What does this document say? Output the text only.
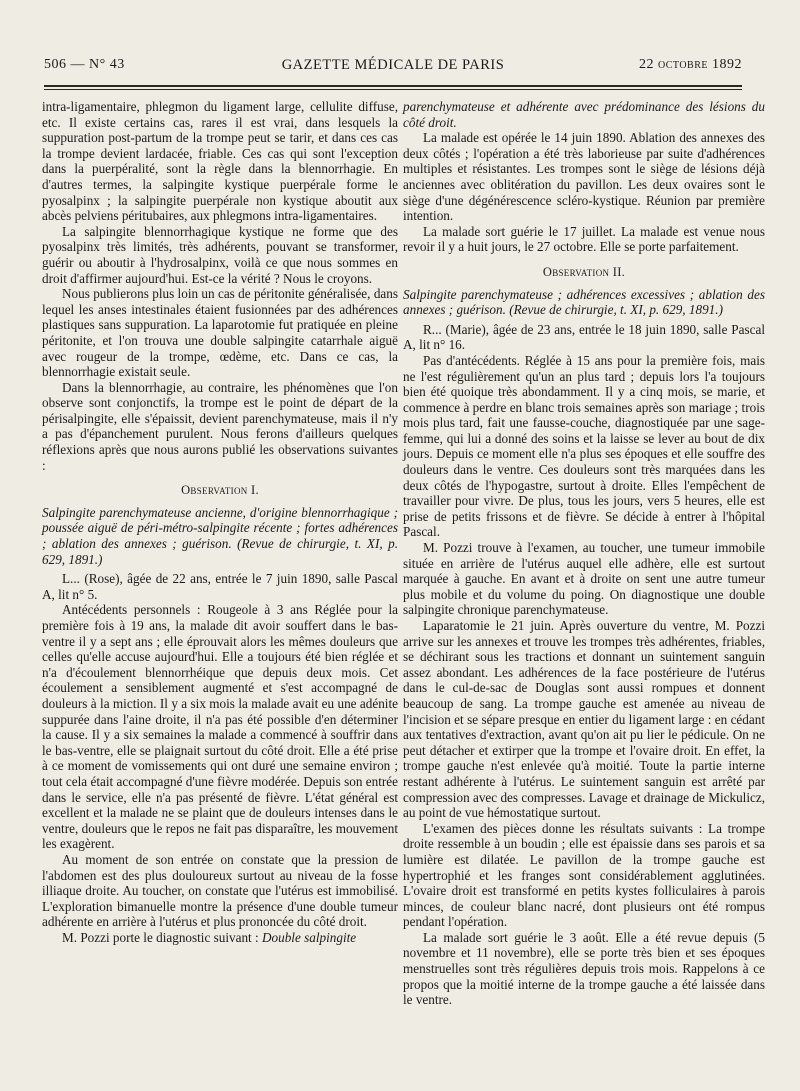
506 — N° 43	GAZETTE MÉDICALE DE PARIS	22 octobre 1892

intra-ligamentaire, phlegmon du ligament large, cellulite diffuse, etc. Il existe certains cas, rares il est vrai, dans lesquels la suppuration post-partum de la trompe peut se tarir, et dans ces cas la trompe devient lardacée, friable. Ces cas qui sont l'exception dans la puerpéralité, sont la règle dans la blennorrhagie. En d'autres termes, la salpingite kystique puerpérale forme le pyosalpinx ; la salpingite puerpérale non kystique aboutit aux abcès pelviens péritubaires, aux phlegmons intra-ligamentaires.

La salpingite blennorrhagique kystique ne forme que des pyosalpinx très limités, très adhérents, pouvant se transformer, guérir ou aboutir à l'hydrosalpinx, voilà ce que nous sommes en droit d'affirmer aujourd'hui. Est-ce la vérité ? Nous le croyons.

Nous publierons plus loin un cas de péritonite généralisée, dans lequel les anses intestinales étaient fusionnées par des adhérences plastiques sans suppuration. La laparotomie fut pratiquée en pleine péritonite, et l'on trouva une double salpingite catarrhale aiguë avec rougeur de la trompe, œdème, etc. Dans ce cas, la blennorrhagie existait seule.

Dans la blennorrhagie, au contraire, les phénomènes que l'on observe sont conjonctifs, la trompe est le point de départ de la périsalpingite, elle s'épaissit, devient parenchymateuse, mais il n'y a pas d'épanchement purulent. Nous ferons d'ailleurs quelques réflexions après que nous aurons publié les observations suivantes :

Observation I.

Salpingite parenchymateuse ancienne, d'origine blennorrhagique ; poussée aiguë de péri-métro-salpingite récente ; fortes adhérences ; ablation des annexes ; guérison. (Revue de chirurgie, t. XI, p. 629, 1891.)

L... (Rose), âgée de 22 ans, entrée le 7 juin 1890, salle Pascal A, lit n° 5.

Antécédents personnels : Rougeole à 3 ans Réglée pour la première fois à 19 ans, la malade dit avoir souffert dans le bas-ventre il y a sept ans ; elle éprouvait alors les mêmes douleurs que celles qu'elle accuse aujourd'hui. Elle a toujours été bien réglée et n'a d'écoulement blennorrhéique que depuis deux mois. Cet écoulement a sensiblement augmenté et s'est accompagné de douleurs à la miction. Il y a six mois la malade avait eu une adénite suppurée dans l'aine droite, il n'a pas été possible d'en déterminer la cause. Il y a six semaines la malade a commencé à souffrir dans le bas-ventre, elle se plaignait surtout du côté droit. Elle a été prise à ce moment de vomissements qui ont duré une semaine environ ; tout cela était accompagné d'une fièvre modérée. Depuis son entrée dans le service, elle n'a pas présenté de fièvre. L'état général est excellent et la malade ne se plaint que de douleurs intenses dans le ventre, douleurs que le repos ne fait pas disparaître, les mouvement les exagèrent.

Au moment de son entrée on constate que la pression de l'abdomen est des plus douloureux surtout au niveau de la fosse illiaque droite. Au toucher, on constate que l'utérus est immobilisé. L'exploration bimanuelle montre la présence d'une double tumeur adhérente en arrière à l'utérus et plus prononcée du côté droit.

M. Pozzi porte le diagnostic suivant : Double salpingite

parenchymateuse et adhérente avec prédominance des lésions du côté droit.

La malade est opérée le 14 juin 1890. Ablation des annexes des deux côtés ; l'opération a été très laborieuse par suite d'adhérences multiples et résistantes. Les trompes sont le siège de lésions déjà anciennes avec oblitération du pavillon. Les deux ovaires sont le siège d'une dégénérescence scléro-kystique. Réunion par première intention.

La malade sort guérie le 17 juillet. La malade est venue nous revoir il y a huit jours, le 27 octobre. Elle se porte parfaitement.

Observation II.

Salpingite parenchymateuse ; adhérences excessives ; ablation des annexes ; guérison. (Revue de chirurgie, t. XI, p. 629, 1891.)

R... (Marie), âgée de 23 ans, entrée le 18 juin 1890, salle Pascal A, lit n° 16.

Pas d'antécédents. Réglée à 15 ans pour la première fois, mais ne l'est régulièrement qu'un an plus tard ; depuis lors l'a toujours bien été quoique très abondamment. Il y a cinq mois, se marie, et commence à perdre en blanc trois semaines après son mariage ; trois mois plus tard, fait une fausse-couche, diagnostiquée par une sage-femme, qui lui a donné des soins et la laisse se lever au bout de dix jours. Depuis ce moment elle n'a plus ses époques et elle souffre des douleurs dans le ventre. Ces douleurs sont très marquées dans les deux côtés de l'hypogastre, surtout à droite. Elles l'empêchent de travailler pour vivre. De plus, tous les jours, vers 5 heures, elle est prise de petits frissons et de fièvre. Se décide à entrer à l'hôpital Pascal.

M. Pozzi trouve à l'examen, au toucher, une tumeur immobile située en arrière de l'utérus auquel elle adhère, elle est surtout marquée à gauche. En avant et à droite on sent une autre tumeur plus mobile et du volume du poing. On diagnostique une double salpingite chronique parenchymateuse.

Laparatomie le 21 juin. Après ouverture du ventre, M. Pozzi arrive sur les annexes et trouve les trompes très adhérentes, friables, se déchirant sous les tractions et donnant un suintement sanguin assez abondant. Les adhérences de la face postérieure de l'utérus dans le cul-de-sac de Douglas sont aussi rompues et donnent beaucoup de sang. La trompe gauche est amenée au niveau de l'incision et se sépare presque en entier du ligament large : en cédant aux tentatives d'extraction, avant qu'on ait pu lier le pédicule. On ne peut détacher et extirper que la trompe et l'ovaire droit. En effet, la trompe gauche n'est enlevée qu'à moitié. Toute la partie interne restant adhérente à l'utérus. Le suintement sanguin est arrêté par compression avec des compresses. Lavage et drainage de Mickulicz, au point de vue hémostatique surtout.

L'examen des pièces donne les résultats suivants : La trompe droite ressemble à un boudin ; elle est épaissie dans ses parois et sa lumière est dilatée. Le pavillon de la trompe gauche est hypertrophié et les franges sont considérablement agglutinées. L'ovaire droit est transformé en petits kystes folliculaires à parois minces, de couleur blanc nacré, dont plusieurs ont été rompus pendant l'opération.

La malade sort guérie le 3 août. Elle a été revue depuis (5 novembre et 11 novembre), elle se porte très bien et ses époques menstruelles sont très régulières depuis trois mois. Rappelons à ce propos que la moitié interne de la trompe gauche a été laissée dans le ventre.
